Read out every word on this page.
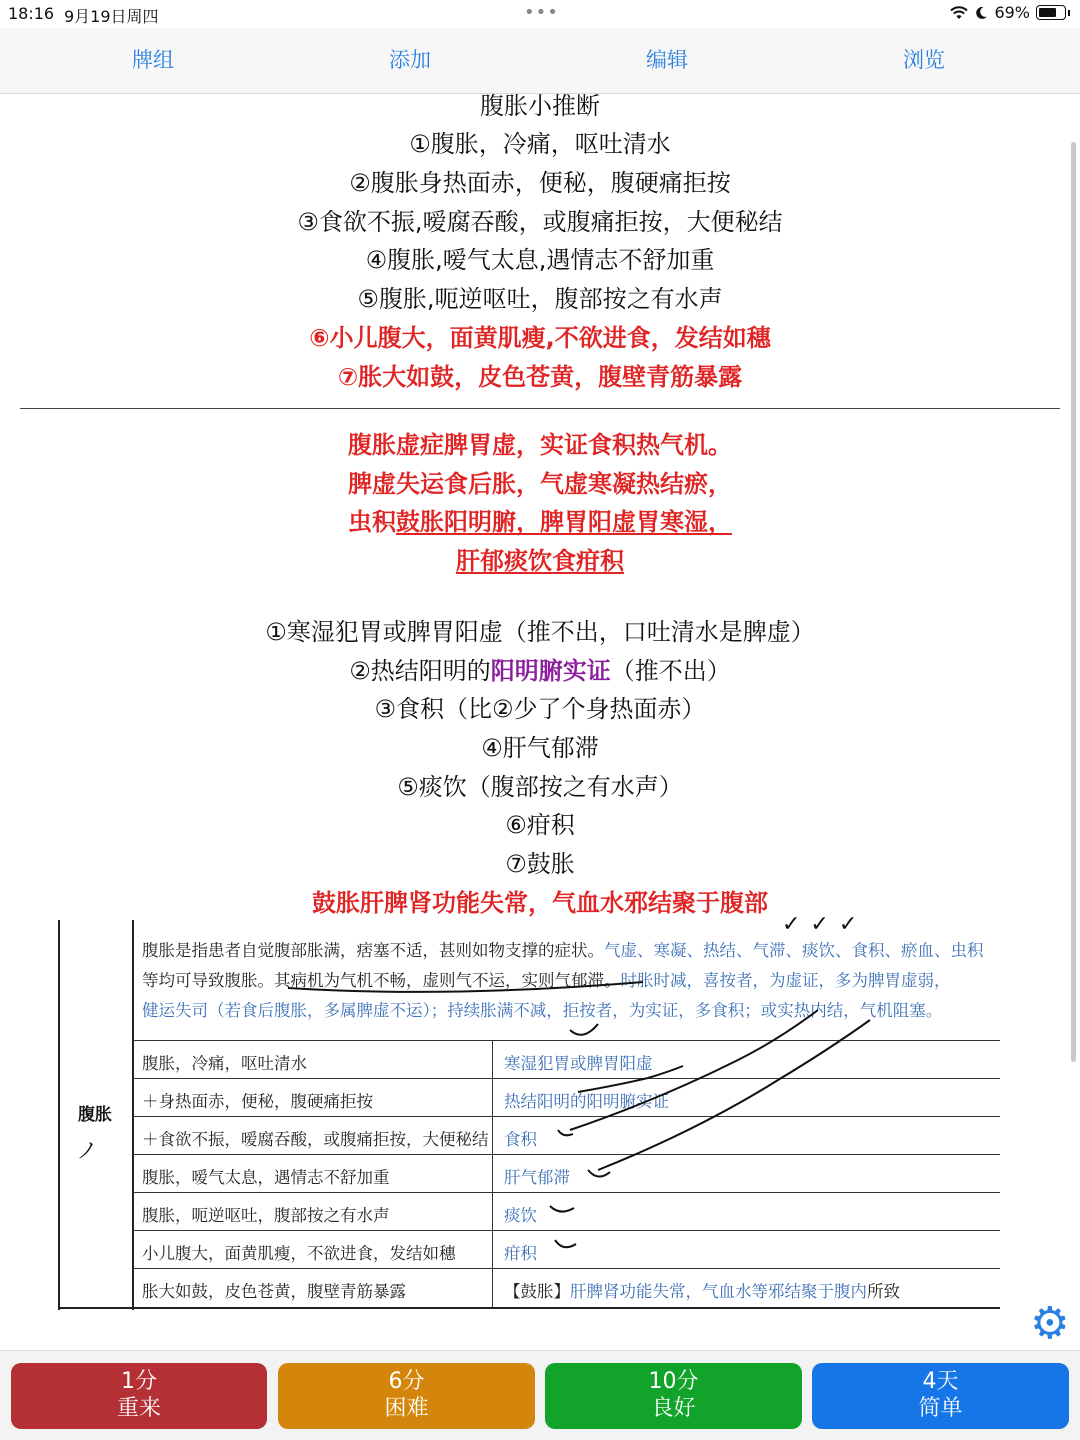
18:16 9月19日周四	•••	69%
牌组	添加	编辑	浏览
腹胀小推断
①腹胀，冷痛，呕吐清水
②腹胀身热面赤，便秘，腹硬痛拒按
③食欲不振,嗳腐吞酸，或腹痛拒按，大便秘结
④腹胀,嗳气太息,遇情志不舒加重
⑤腹胀,呃逆呕吐，腹部按之有水声
⑥小儿腹大，面黄肌瘦,不欲进食，发结如穗
⑦胀大如鼓，皮色苍黄，腹壁青筋暴露
腹胀虚症脾胃虚，实证食积热气机。
脾虚失运食后胀，气虚寒凝热结瘀，
虫积鼓胀阳明腑，脾胃阳虚胃寒湿，
肝郁痰饮食疳积
①寒湿犯胃或脾胃阳虚（推不出，口吐清水是脾虚）
②热结阳明的阳明腑实证（推不出）
③食积（比②少了个身热面赤）
④肝气郁滞
⑤痰饮（腹部按之有水声）
⑥疳积
⑦鼓胀
鼓胀肝脾肾功能失常，气血水邪结聚于腹部
✓✓✓
腹胀
ノ
腹胀是指患者自觉腹部胀满，痞塞不适，甚则如物支撑的症状。气虚、寒凝、热结、气滞、痰饮、食积、瘀血、虫积
等均可导致腹胀。其病机为气机不畅，虚则气不运，实则气郁滞。时胀时减，喜按者，为虚证，多为脾胃虚弱，
健运失司（若食后腹胀，多属脾虚不运）；持续胀满不减，拒按者，为实证，多食积；或实热内结，气机阻塞。
腹胀，冷痛，呕吐清水	寒湿犯胃或脾胃阳虚
＋身热面赤，便秘，腹硬痛拒按	热结阳明的阳明腑实证
＋食欲不振，嗳腐吞酸，或腹痛拒按，大便秘结 食积
腹胀，嗳气太息，遇情志不舒加重	肝气郁滞
腹胀，呃逆呕吐，腹部按之有水声	痰饮
小儿腹大，面黄肌瘦，不欲进食，发结如穗	疳积
胀大如鼓，皮色苍黄，腹壁青筋暴露	【鼓胀】肝脾肾功能失常，气血水等邪结聚于腹内所致
⚙
1分
重来
6分
困难
10分
良好
4天
简单
